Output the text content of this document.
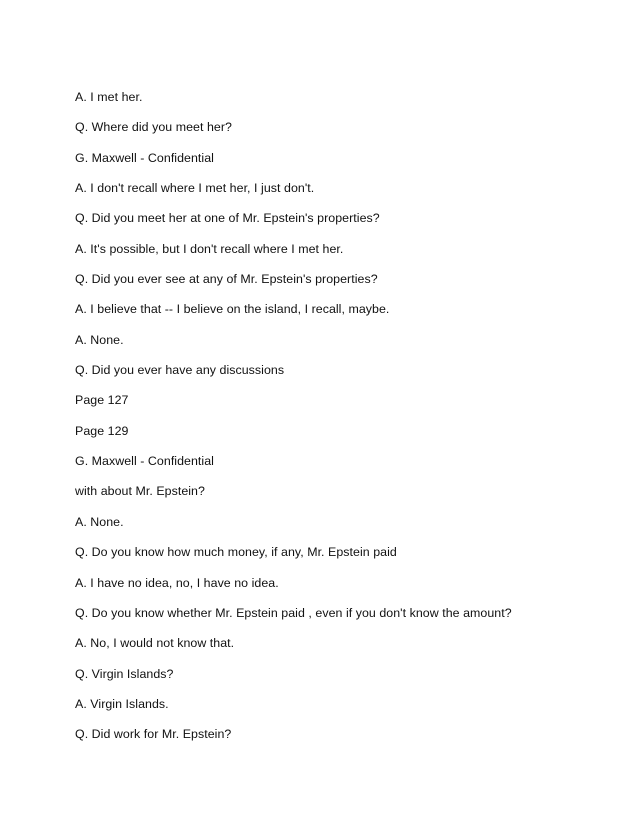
A. I met her.

Q. Where did you meet her?

G. Maxwell - Confidential

A. I don't recall where I met her, I just don't.

Q. Did you meet her at one of Mr. Epstein's properties?

A. It's possible, but I don't recall where I met her.

Q. Did you ever see at any of Mr. Epstein's properties?

A. I believe that -- I believe on the island, I recall, maybe.

A. None.

Q. Did you ever have any discussions

Page 127

Page 129

G. Maxwell - Confidential

with about Mr. Epstein?

A. None.

Q. Do you know how much money, if any, Mr. Epstein paid

A. I have no idea, no, I have no idea.

Q. Do you know whether Mr. Epstein paid , even if you don't know the amount?

A. No, I would not know that.

Q. Virgin Islands?

A. Virgin Islands.

Q. Did work for Mr. Epstein?
